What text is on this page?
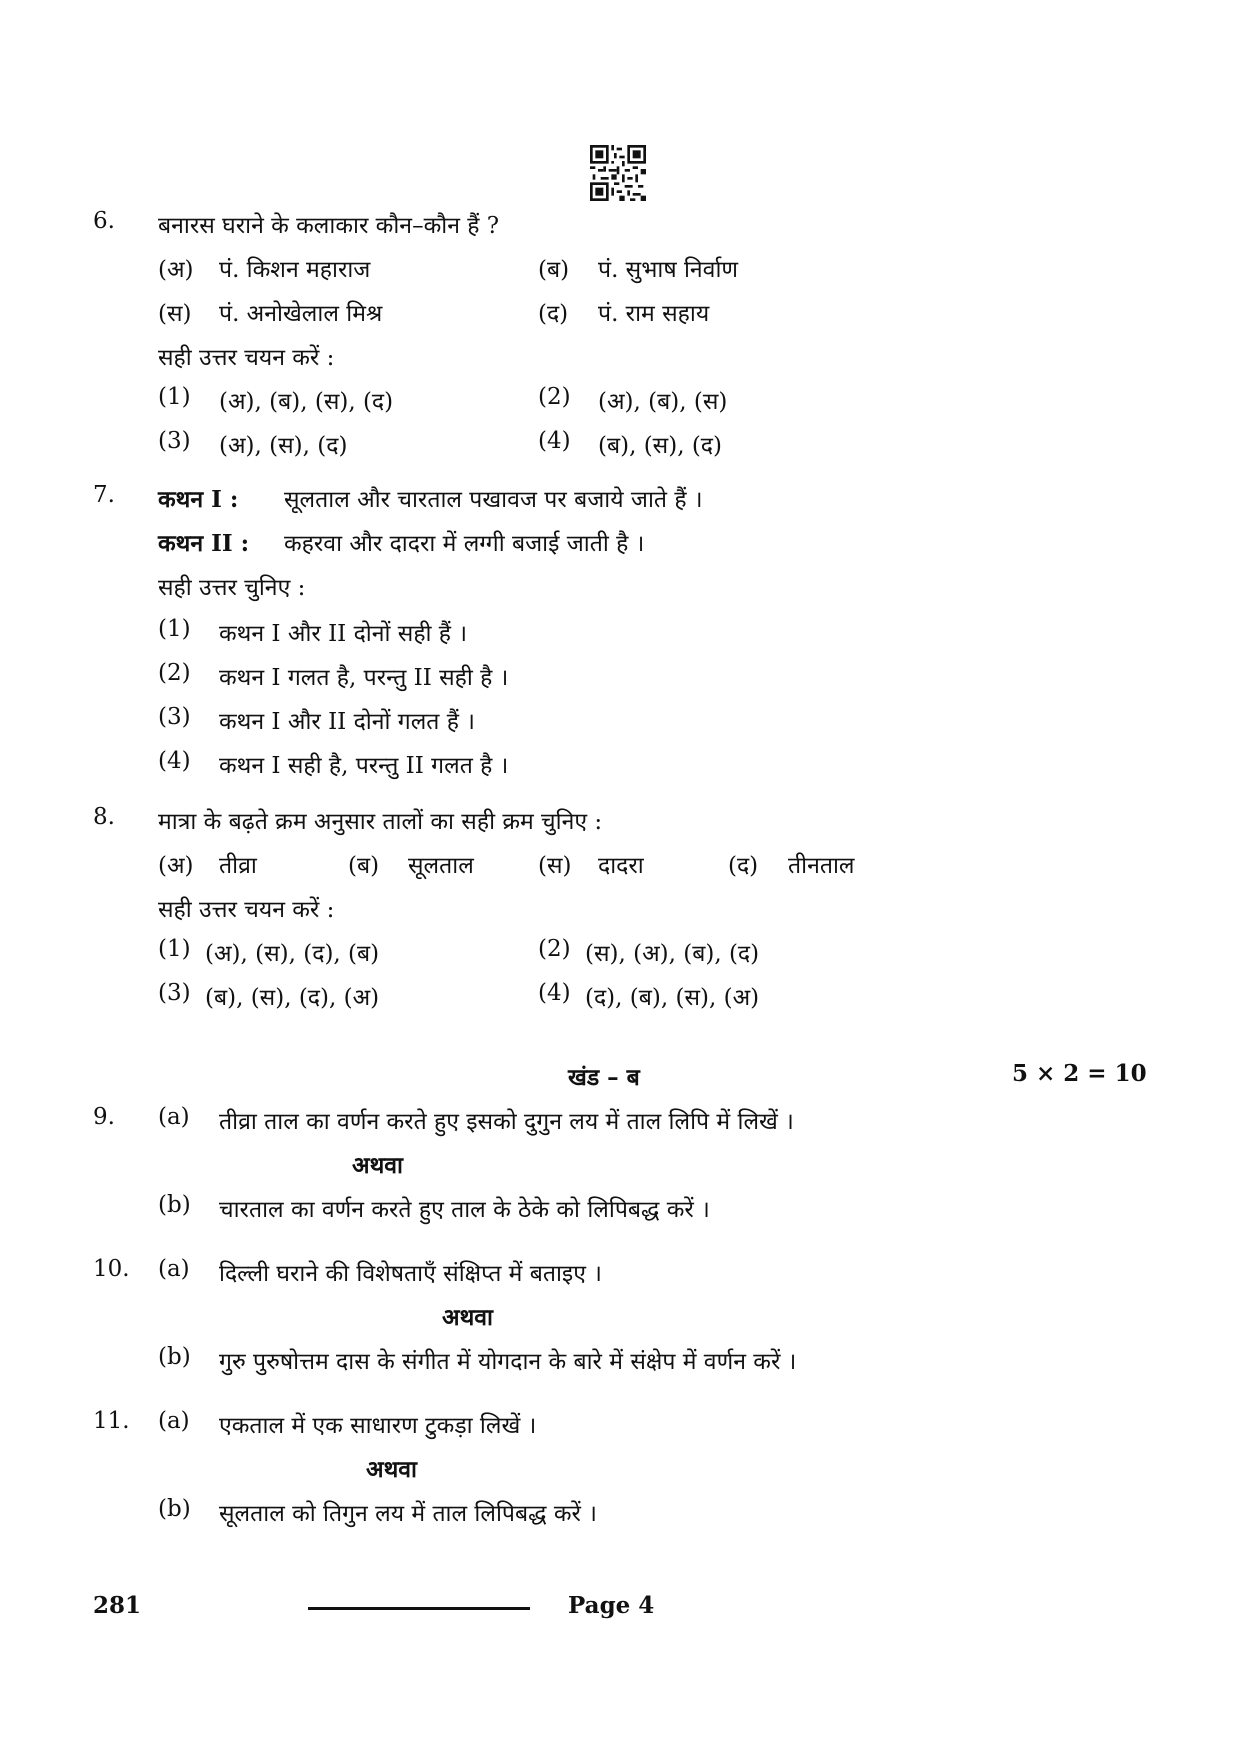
6. बनारस घराने के कलाकार कौन–कौन हैं ?
(अ) पं. किशन महाराज	(ब) पं. सुभाष निर्वाण
(स) पं. अनोखेलाल मिश्र	(द) पं. राम सहाय
सही उत्तर चयन करें :
(1) (अ), (ब), (स), (द)	(2) (अ), (ब), (स)
(3) (अ), (स), (द)	(4) (ब), (स), (द)
7. कथन I : सूलताल और चारताल पखावज पर बजाये जाते हैं ।
कथन II : कहरवा और दादरा में लग्गी बजाई जाती है ।
सही उत्तर चुनिए :
(1) कथन I और II दोनों सही हैं ।
(2) कथन I गलत है, परन्तु II सही है ।
(3) कथन I और II दोनों गलत हैं ।
(4) कथन I सही है, परन्तु II गलत है ।
8. मात्रा के बढ़ते क्रम अनुसार तालों का सही क्रम चुनिए :
(अ) तीव्रा	(ब) सूलताल	(स) दादरा	(द) तीनताल
सही उत्तर चयन करें :
(1) (अ), (स), (द), (ब)	(2) (स), (अ), (ब), (द)
(3) (ब), (स), (द), (अ)	(4) (द), (ब), (स), (अ)
खंड – ब	5 × 2 = 10
9. (a) तीव्रा ताल का वर्णन करते हुए इसको दुगुन लय में ताल लिपि में लिखें ।
अथवा
(b) चारताल का वर्णन करते हुए ताल के ठेके को लिपिबद्ध करें ।
10. (a) दिल्ली घराने की विशेषताएँ संक्षिप्त में बताइए ।
अथवा
(b) गुरु पुरुषोत्तम दास के संगीत में योगदान के बारे में संक्षेप में वर्णन करें ।
11. (a) एकताल में एक साधारण टुकड़ा लिखें ।
अथवा
(b) सूलताल को तिगुन लय में ताल लिपिबद्ध करें ।
281	Page 4
